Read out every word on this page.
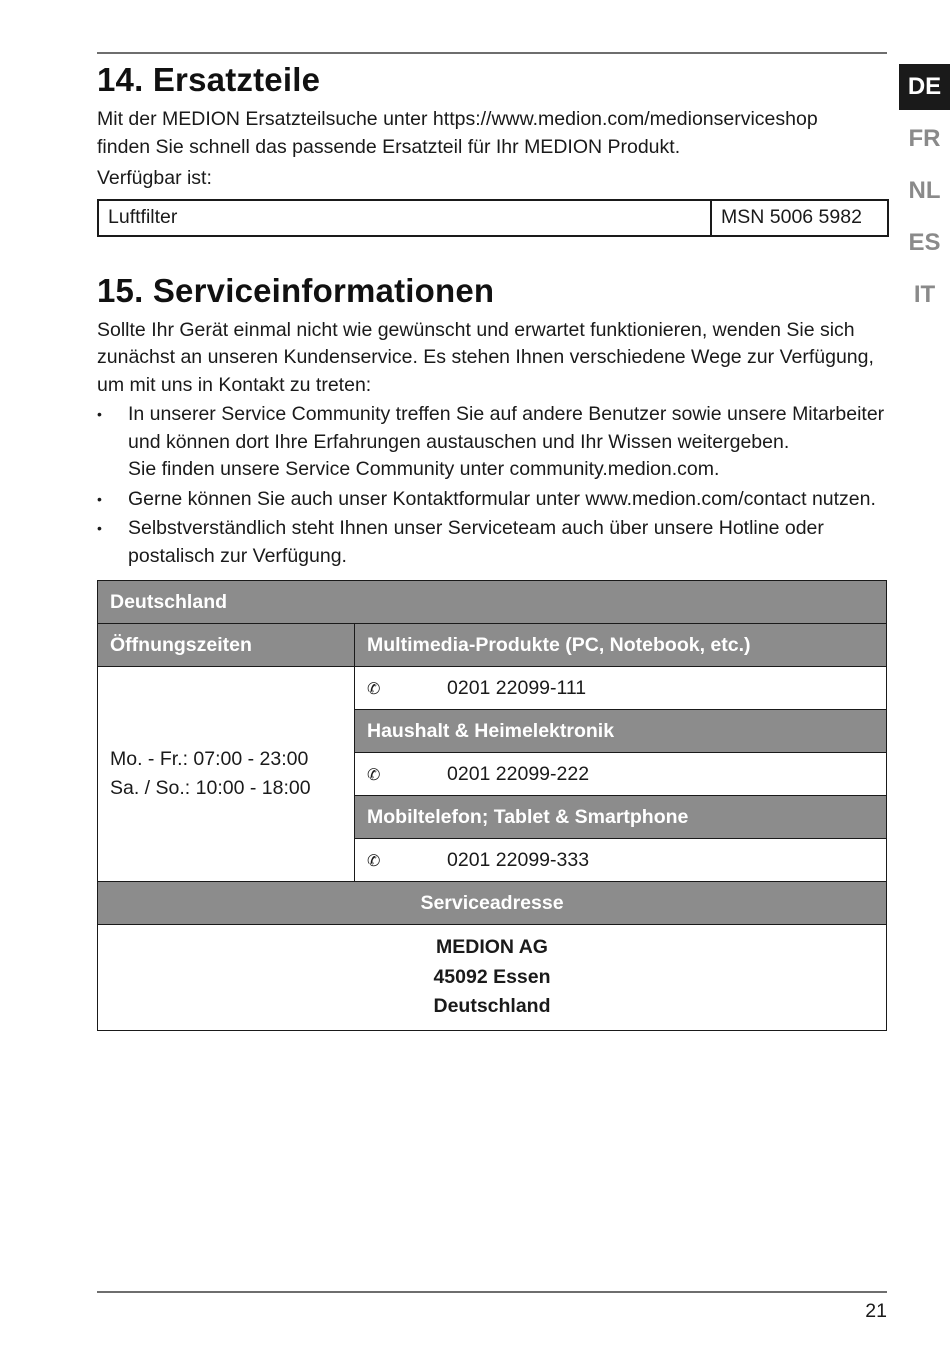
DE
FR
NL
ES
IT
14. Ersatzteile

Mit der MEDION Ersatzteilsuche unter https://www.medion.com/medionserviceshop
finden Sie schnell das passende Ersatzteil für Ihr MEDION Produkt.

Verfügbar ist:

Luftfilter	MSN 5006 5982
15. Serviceinformationen

Sollte Ihr Gerät einmal nicht wie gewünscht und erwartet funktionieren, wenden Sie sich zunächst an unseren Kundenservice. Es stehen Ihnen verschiedene Wege zur Verfügung, um mit uns in Kontakt zu treten:

• In unserer Service Community treffen Sie auf andere Benutzer sowie unsere Mitarbeiter und können dort Ihre Erfahrungen austauschen und Ihr Wissen weitergeben.
Sie finden unsere Service Community unter community.medion.com.
• Gerne können Sie auch unser Kontaktformular unter www.medion.com/contact nutzen.
• Selbstverständlich steht Ihnen unser Serviceteam auch über unsere Hotline oder postalisch zur Verfügung.
Deutschland	
Öffnungszeiten	Multimedia-Produkte (PC, Notebook, etc.)

Mo. - Fr.: 07:00 - 23:00
Sa. / So.: 10:00 - 18:00	✆ 0201 22099-111
	Haushalt & Heimelektronik
	✆ 0201 22099-222
	Mobiltelefon; Tablet & Smartphone
	✆ 0201 22099-333
Serviceadresse	

MEDION AG
45092 Essen
Deutschland	
21
